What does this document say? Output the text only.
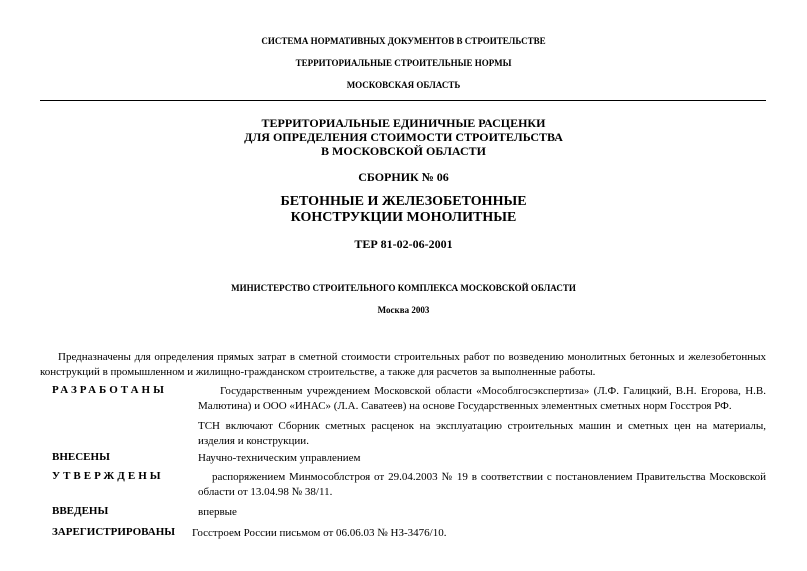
СИСТЕМА НОРМАТИВНЫХ ДОКУМЕНТОВ В СТРОИТЕЛЬСТВЕ
ТЕРРИТОРИАЛЬНЫЕ СТРОИТЕЛЬНЫЕ НОРМЫ
МОСКОВСКАЯ ОБЛАСТЬ
ТЕРРИТОРИАЛЬНЫЕ ЕДИНИЧНЫЕ РАСЦЕНКИ
ДЛЯ ОПРЕДЕЛЕНИЯ СТОИМОСТИ СТРОИТЕЛЬСТВА
В МОСКОВСКОЙ ОБЛАСТИ
СБОРНИК № 06
БЕТОННЫЕ И ЖЕЛЕЗОБЕТОННЫЕ
КОНСТРУКЦИИ МОНОЛИТНЫЕ
ТЕР 81-02-06-2001
МИНИСТЕРСТВО СТРОИТЕЛЬНОГО КОМПЛЕКСА МОСКОВСКОЙ ОБЛАСТИ
Москва 2003
Предназначены для определения прямых затрат в сметной стоимости строительных работ по возведению монолитных бетонных и железобетонных конструкций в промышленном и жилищно-гражданском строительстве, а также для расчетов за выполненные работы.
РАЗРАБОТАНЫ	Государственным учреждением Московской области «Мособлгосэкспертиза» (Л.Ф. Галицкий, В.Н. Егорова, Н.В. Малютина) и ООО «ИНАС» (Л.А. Саватеев) на основе Государственных элементных сметных норм Госстроя РФ.
ТСН включают Сборник сметных расценок на эксплуатацию строительных машин и сметных цен на материалы, изделия и конструкции.
ВНЕСЕНЫ	Научно-техническим управлением
УТВЕРЖДЕНЫ	распоряжением Минмособлстроя от 29.04.2003 № 19 в соответствии с постановлением Правительства Московской области от 13.04.98 № 38/11.
ВВЕДЕНЫ	впервые
ЗАРЕГИСТРИРОВАНЫ Госстроем России письмом от 06.06.03 № НЗ-3476/10.
